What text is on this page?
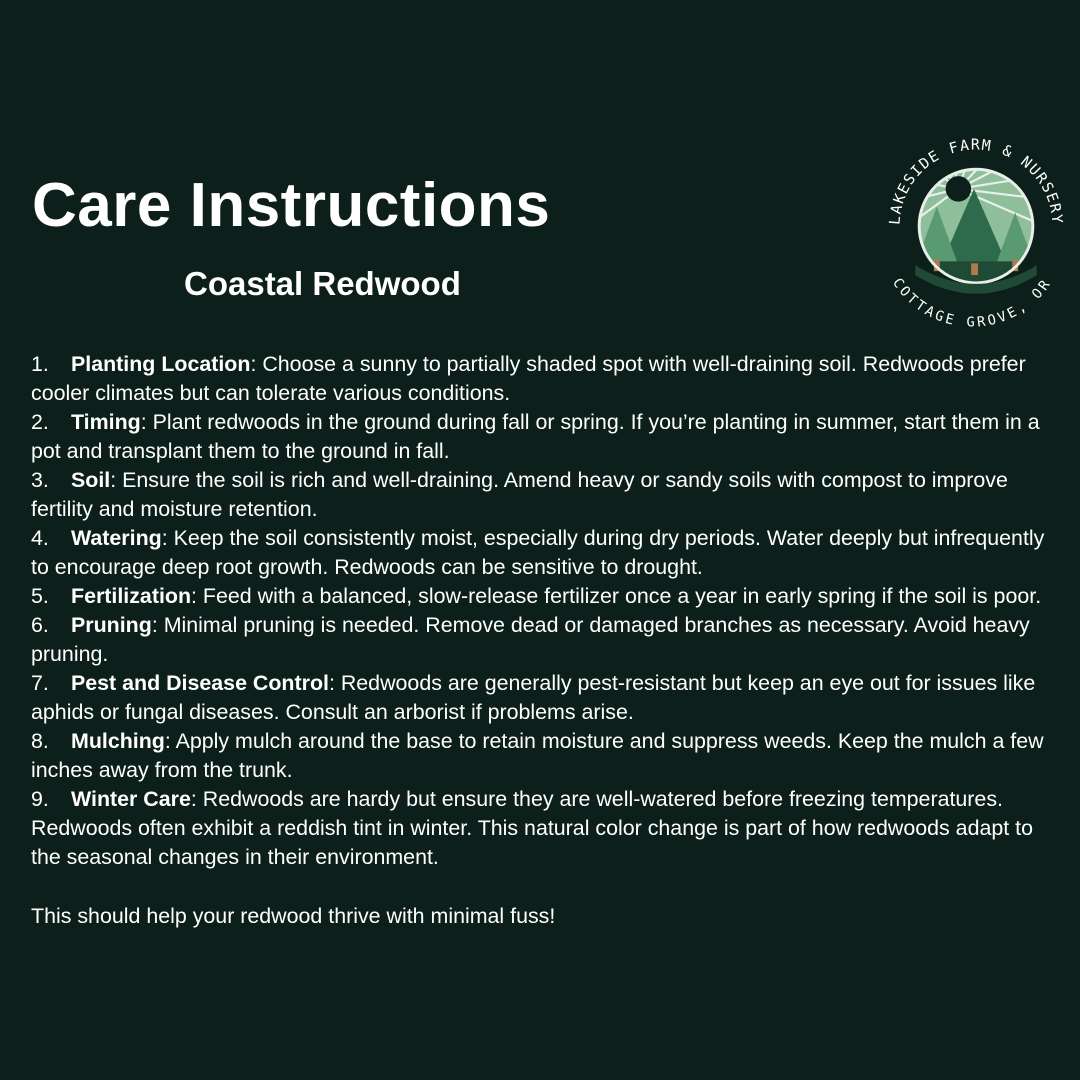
Care Instructions
Coastal Redwood
LAKESIDE FARM & NURSERY
COTTAGE GROVE, OR
1. Planting Location: Choose a sunny to partially shaded spot with well-draining soil. Redwoods prefer cooler climates but can tolerate various conditions.
2. Timing: Plant redwoods in the ground during fall or spring. If you’re planting in summer, start them in a pot and transplant them to the ground in fall.
3. Soil: Ensure the soil is rich and well-draining. Amend heavy or sandy soils with compost to improve fertility and moisture retention.
4. Watering: Keep the soil consistently moist, especially during dry periods. Water deeply but infrequently to encourage deep root growth. Redwoods can be sensitive to drought.
5. Fertilization: Feed with a balanced, slow-release fertilizer once a year in early spring if the soil is poor.
6. Pruning: Minimal pruning is needed. Remove dead or damaged branches as necessary. Avoid heavy pruning.
7. Pest and Disease Control: Redwoods are generally pest-resistant but keep an eye out for issues like aphids or fungal diseases. Consult an arborist if problems arise.
8. Mulching: Apply mulch around the base to retain moisture and suppress weeds. Keep the mulch a few inches away from the trunk.
9. Winter Care: Redwoods are hardy but ensure they are well-watered before freezing temperatures. Redwoods often exhibit a reddish tint in winter. This natural color change is part of how redwoods adapt to the seasonal changes in their environment.

This should help your redwood thrive with minimal fuss!
